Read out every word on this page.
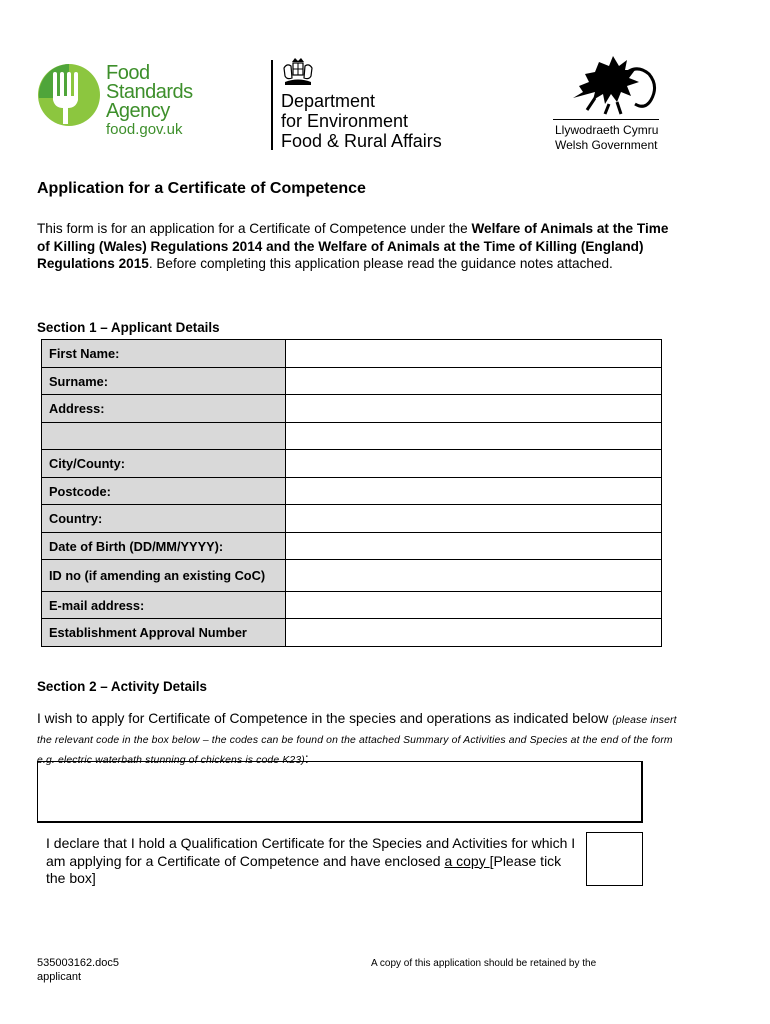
Food
Standards
Agency
food.gov.uk
Department
for Environment
Food & Rural Affairs
Llywodraeth Cymru
Welsh Government
Application for a Certificate of Competence

This form is for an application for a Certificate of Competence under the Welfare of Animals at the Time of Killing (Wales) Regulations 2014 and the Welfare of Animals at the Time of Killing (England) Regulations 2015. Before completing this application please read the guidance notes attached.

Section 1 – Applicant Details
First Name:	
Surname:	
Address:	

City/County:	
Postcode:	
Country:	
Date of Birth (DD/MM/YYYY):	
ID no (if amending an existing CoC)	
E-mail address:	
Establishment Approval Number	
Section 2 – Activity Details

I wish to apply for Certificate of Competence in the species and operations as indicated below (please insert the relevant code in the box below – the codes can be found on the attached Summary of Activities and Species at the end of the form e.g. electric waterbath stunning of chickens is code K23):

I declare that I hold a Qualification Certificate for the Species and Activities for which I am applying for a Certificate of Competence and have enclosed a copy [Please tick the box]

535003162.doc5
applicant
A copy of this application should be retained by the
